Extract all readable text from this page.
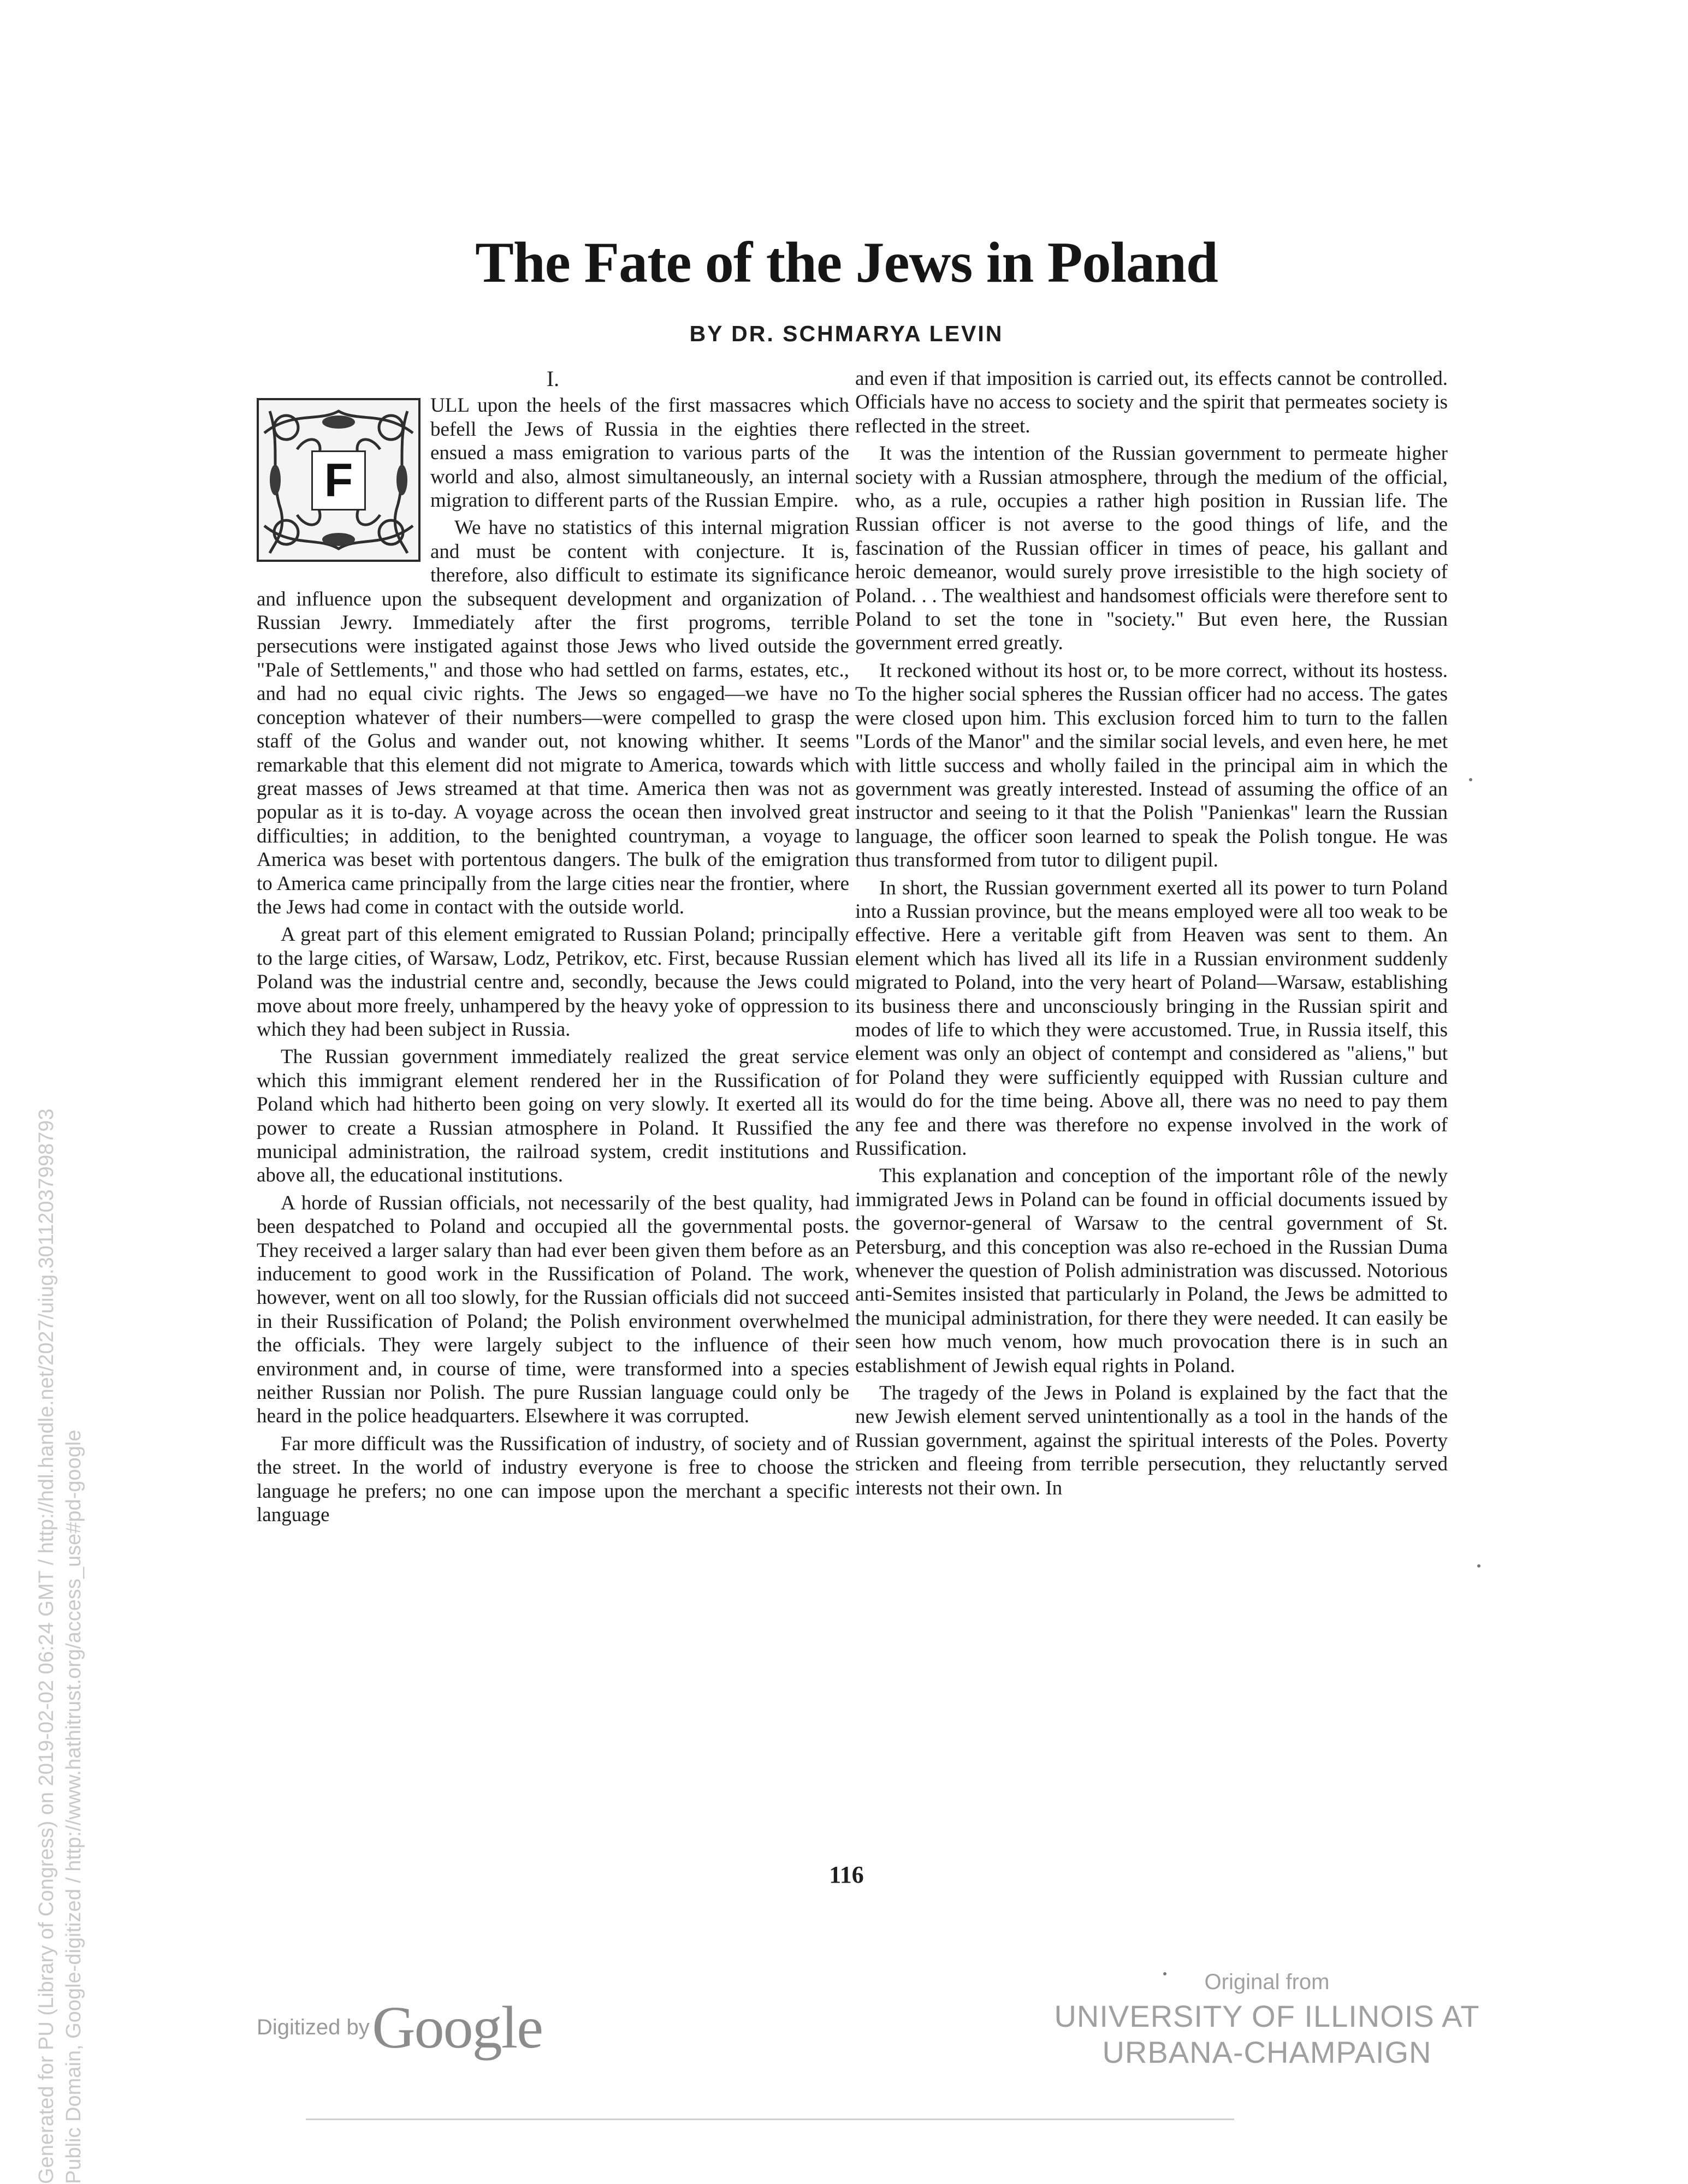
The Fate of the Jews in Poland
BY DR. SCHMARYA LEVIN
I.
F

ULL upon the heels of the first massacres which befell the Jews of Russia in the eighties there ensued a mass emigration to various parts of the world and also, almost simultaneously, an internal migration to different parts of the Russian Empire.

We have no statistics of this internal migration and must be content with conjecture. It is, therefore, also difficult to estimate its significance and influence upon the subsequent development and organization of Russian Jewry. Immediately after the first progroms, terrible persecutions were instigated against those Jews who lived outside the "Pale of Settlements," and those who had settled on farms, estates, etc., and had no equal civic rights. The Jews so engaged—we have no conception whatever of their numbers—were compelled to grasp the staff of the Golus and wander out, not knowing whither. It seems remarkable that this element did not migrate to America, towards which great masses of Jews streamed at that time. America then was not as popular as it is to-day. A voyage across the ocean then involved great difficulties; in addition, to the benighted countryman, a voyage to America was beset with portentous dangers. The bulk of the emigration to America came principally from the large cities near the frontier, where the Jews had come in contact with the outside world.

A great part of this element emigrated to Russian Poland; principally to the large cities, of Warsaw, Lodz, Petrikov, etc. First, because Russian Poland was the industrial centre and, secondly, because the Jews could move about more freely, unhampered by the heavy yoke of oppression to which they had been subject in Russia.

The Russian government immediately realized the great service which this immigrant element rendered her in the Russification of Poland which had hitherto been going on very slowly. It exerted all its power to create a Russian atmosphere in Poland. It Russified the municipal administration, the railroad system, credit institutions and above all, the educational institutions.

A horde of Russian officials, not necessarily of the best quality, had been despatched to Poland and occupied all the governmental posts. They received a larger salary than had ever been given them before as an inducement to good work in the Russification of Poland. The work, however, went on all too slowly, for the Russian officials did not succeed in their Russification of Poland; the Polish environment overwhelmed the officials. They were largely subject to the influence of their environment and, in course of time, were transformed into a species neither Russian nor Polish. The pure Russian language could only be heard in the police headquarters. Elsewhere it was corrupted.

Far more difficult was the Russification of industry, of society and of the street. In the world of industry everyone is free to choose the language he prefers; no one can impose upon the merchant a specific language

and even if that imposition is carried out, its effects cannot be controlled. Officials have no access to society and the spirit that permeates society is reflected in the street.

It was the intention of the Russian government to permeate higher society with a Russian atmosphere, through the medium of the official, who, as a rule, occupies a rather high position in Russian life. The Russian officer is not averse to the good things of life, and the fascination of the Russian officer in times of peace, his gallant and heroic demeanor, would surely prove irresistible to the high society of Poland. . . The wealthiest and handsomest officials were therefore sent to Poland to set the tone in "society." But even here, the Russian government erred greatly.

It reckoned without its host or, to be more correct, without its hostess. To the higher social spheres the Russian officer had no access. The gates were closed upon him. This exclusion forced him to turn to the fallen "Lords of the Manor" and the similar social levels, and even here, he met with little success and wholly failed in the principal aim in which the government was greatly interested. Instead of assuming the office of an instructor and seeing to it that the Polish "Panienkas" learn the Russian language, the officer soon learned to speak the Polish tongue. He was thus transformed from tutor to diligent pupil.

In short, the Russian government exerted all its power to turn Poland into a Russian province, but the means employed were all too weak to be effective. Here a veritable gift from Heaven was sent to them. An element which has lived all its life in a Russian environment suddenly migrated to Poland, into the very heart of Poland—Warsaw, establishing its business there and unconsciously bringing in the Russian spirit and modes of life to which they were accustomed. True, in Russia itself, this element was only an object of contempt and considered as "aliens," but for Poland they were sufficiently equipped with Russian culture and would do for the time being. Above all, there was no need to pay them any fee and there was therefore no expense involved in the work of Russification.

This explanation and conception of the important rôle of the newly immigrated Jews in Poland can be found in official documents issued by the governor-general of Warsaw to the central government of St. Petersburg, and this conception was also re-echoed in the Russian Duma whenever the question of Polish administration was discussed. Notorious anti-Semites insisted that particularly in Poland, the Jews be admitted to the municipal administration, for there they were needed. It can easily be seen how much venom, how much provocation there is in such an establishment of Jewish equal rights in Poland.

The tragedy of the Jews in Poland is explained by the fact that the new Jewish element served unintentionally as a tool in the hands of the Russian government, against the spiritual interests of the Poles. Poverty stricken and fleeing from terrible persecution, they reluctantly served interests not their own. In

116
Generated for PU (Library of Congress) on 2019-02-02 06:24 GMT / http://hdl.handle.net/2027/uiug.30112037998793 Public Domain, Google-digitized / http://www.hathitrust.org/access_use#pd-google	Digitized by Google
Original from
UNIVERSITY OF ILLINOIS AT
URBANA-CHAMPAIGN
